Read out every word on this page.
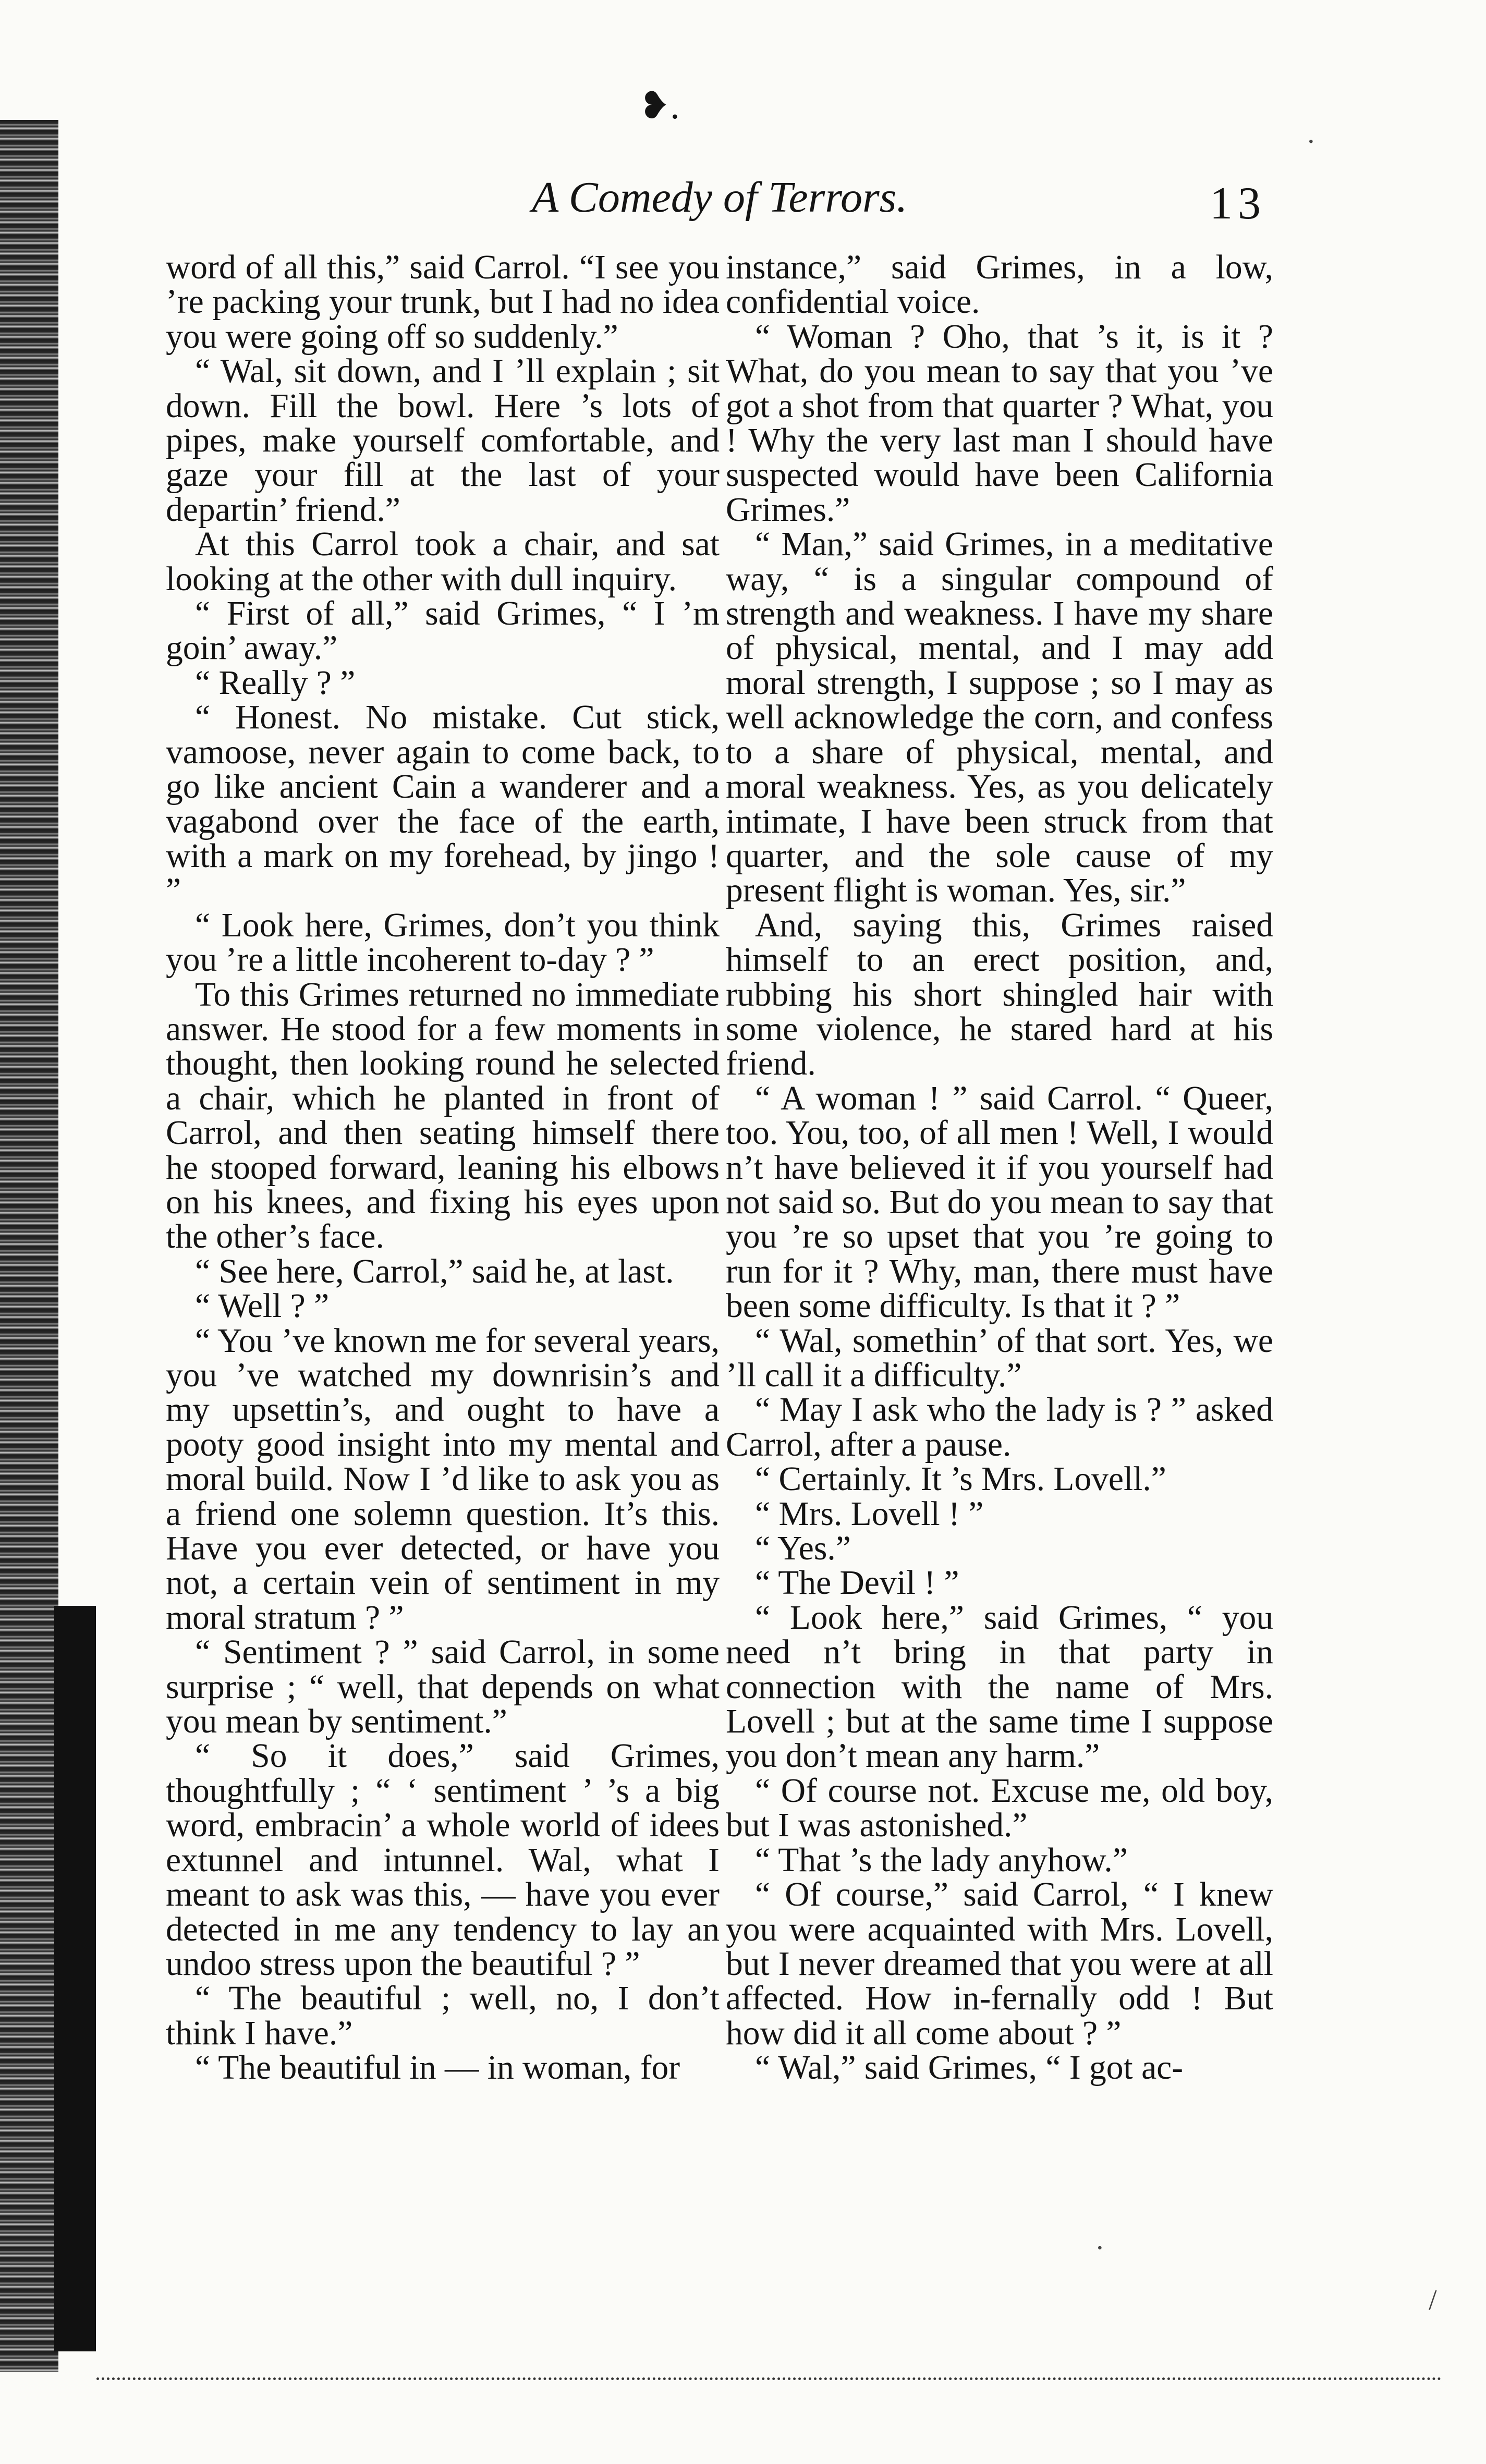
❥.
A Comedy of Terrors.	13

word of all this,” said Carrol. “I see you ’re packing your trunk, but I had no idea you were going off so suddenly.”

“ Wal, sit down, and I ’ll explain ; sit down. Fill the bowl. Here ’s lots of pipes, make yourself comfortable, and gaze your fill at the last of your departin’ friend.”

At this Carrol took a chair, and sat looking at the other with dull inquiry.

“ First of all,” said Grimes, “ I ’m goin’ away.”

“ Really ? ”

“ Honest. No mistake. Cut stick, vamoose, never again to come back, to go like ancient Cain a wanderer and a vagabond over the face of the earth, with a mark on my forehead, by jingo ! ”

“ Look here, Grimes, don’t you think you ’re a little incoherent to-day ? ”

To this Grimes returned no immediate answer. He stood for a few moments in thought, then looking round he selected a chair, which he planted in front of Carrol, and then seating himself there he stooped forward, leaning his elbows on his knees, and fixing his eyes upon the other’s face.

“ See here, Carrol,” said he, at last.

“ Well ? ”

“ You ’ve known me for several years, you ’ve watched my downrisin’s and my upsettin’s, and ought to have a pooty good insight into my mental and moral build. Now I ’d like to ask you as a friend one solemn question. It’s this. Have you ever detected, or have you not, a certain vein of sentiment in my moral stratum ? ”

“ Sentiment ? ” said Carrol, in some surprise ; “ well, that depends on what you mean by sentiment.”

“ So it does,” said Grimes, thoughtfully ; “ ‘ sentiment ’ ’s a big word, embracin’ a whole world of idees extunnel and intunnel. Wal, what I meant to ask was this, — have you ever detected in me any tendency to lay an undoo stress upon the beautiful ? ”

“ The beautiful ; well, no, I don’t think I have.”

“ The beautiful in — in woman, for

instance,” said Grimes, in a low, confidential voice.

“ Woman ? Oho, that ’s it, is it ? What, do you mean to say that you ’ve got a shot from that quarter ? What, you ! Why the very last man I should have suspected would have been California Grimes.”

“ Man,” said Grimes, in a meditative way, “ is a singular compound of strength and weakness. I have my share of physical, mental, and I may add moral strength, I suppose ; so I may as well acknowledge the corn, and confess to a share of physical, mental, and moral weakness. Yes, as you delicately intimate, I have been struck from that quarter, and the sole cause of my present flight is woman. Yes, sir.”

And, saying this, Grimes raised himself to an erect position, and, rubbing his short shingled hair with some violence, he stared hard at his friend.

“ A woman ! ” said Carrol. “ Queer, too. You, too, of all men ! Well, I would n’t have believed it if you yourself had not said so. But do you mean to say that you ’re so upset that you ’re going to run for it ? Why, man, there must have been some difficulty. Is that it ? ”

“ Wal, somethin’ of that sort. Yes, we ’ll call it a difficulty.”

“ May I ask who the lady is ? ” asked Carrol, after a pause.

“ Certainly. It ’s Mrs. Lovell.”

“ Mrs. Lovell ! ”

“ Yes.”

“ The Devil ! ”

“ Look here,” said Grimes, “ you need n’t bring in that party in connection with the name of Mrs. Lovell ; but at the same time I suppose you don’t mean any harm.”

“ Of course not. Excuse me, old boy, but I was astonished.”

“ That ’s the lady anyhow.”

“ Of course,” said Carrol, “ I knew you were acquainted with Mrs. Lovell, but I never dreamed that you were at all affected. How in-fernally odd ! But how did it all come about ? ”

“ Wal,” said Grimes, “ I got ac-

·
/
·
